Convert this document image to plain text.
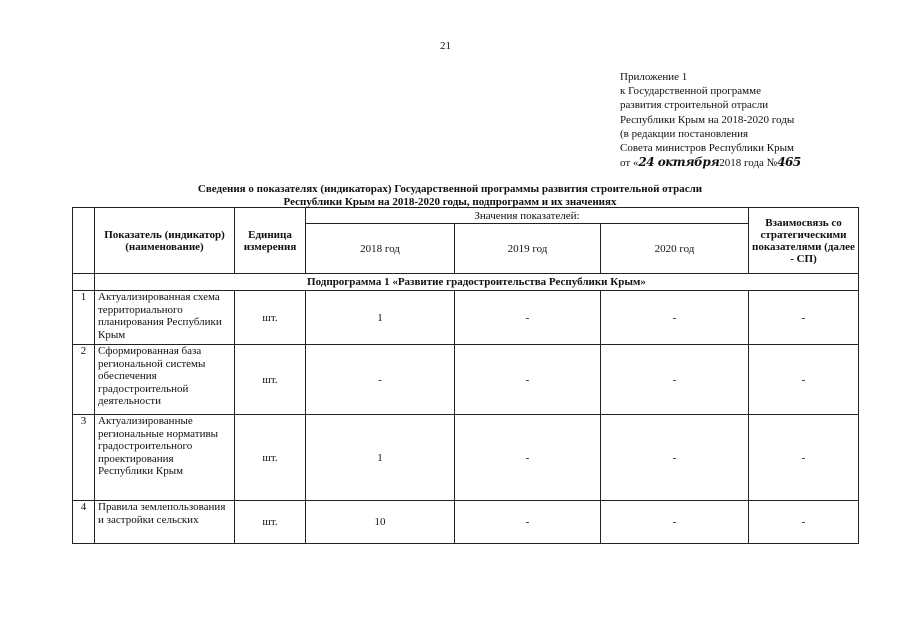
21
Приложение 1
к Государственной программе
развития строительной отрасли
Республики Крым на 2018-2020 годы
(в редакции постановления
Совета министров Республики Крым
от «24 октября2018 года №465
Сведения о показателях (индикаторах) Государственной программы развития строительной отрасли
Республики Крым на 2018-2020 годы, подпрограмм и их значениях
	Показатель (индикатор) (наименование)	Единица измерения	Значения показателей:			Взаимосвязь со стратегическими показателями (далее - СП)
			2018 год	2019 год	2020 год	
	Подпрограмма 1 «Развитие градостроительства Республики Крым»					
1	Актуализированная схема территориального планирования Республики Крым	шт.	1	-	-	-
2	Сформированная база региональной системы обеспечения градостроительной деятельности	шт.	-	-	-	-
3	Актуализированные региональные нормативы градостроительного проектирования Республики Крым	шт.	1	-	-	-
4	Правила землепользования и застройки сельских	шт.	10	-	-	-
